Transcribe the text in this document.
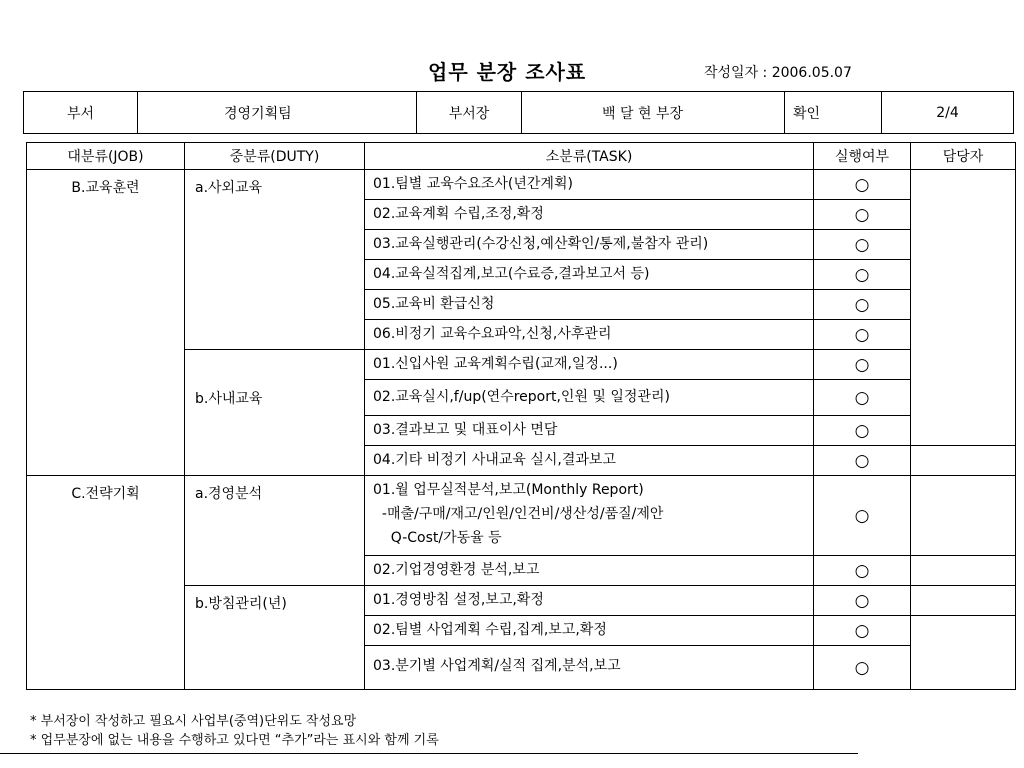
업무 분장 조사표	작성일자 : 2006.05.07
부서	경영기획팀	부서장	백 달 현 부장	확인	2/4
대분류(JOB)	중분류(DUTY)	소분류(TASK)	실행여부	담당자
B.교육훈련	a.사외교육	01.팀별 교육수요조사(년간계획)	○	
		02.교육계획 수립,조정,확정	○	
		03.교육실행관리(수강신청,예산확인/통제,불참자 관리)	○	
		04.교육실적집계,보고(수료증,결과보고서 등)	○	
		05.교육비 환급신청	○	
		06.비정기 교육수요파악,신청,사후관리	○	
	b.사내교육	01.신입사원 교육계획수립(교재,일정...)	○	
		02.교육실시,f/up(연수report,인원 및 일정관리)	○	
		03.결과보고 및 대표이사 면담	○	
		04.기타 비정기 사내교육 실시,결과보고	○	
C.전략기획	a.경영분석	01.월 업무실적분석,보고(Monthly Report)
-매출/구매/재고/인원/인건비/생산성/품질/제안
Q-Cost/가동율 등	○	
		02.기업경영환경 분석,보고	○	
	b.방침관리(년)	01.경영방침 설정,보고,확정	○	
		02.팀별 사업계획 수립,집계,보고,확정	○	
		03.분기별 사업계획/실적 집계,분석,보고	○	
* 부서장이 작성하고 필요시 사업부(중역)단위도 작성요망
* 업무분장에 없는 내용을 수행하고 있다면 “추가”라는 표시와 함께 기록
